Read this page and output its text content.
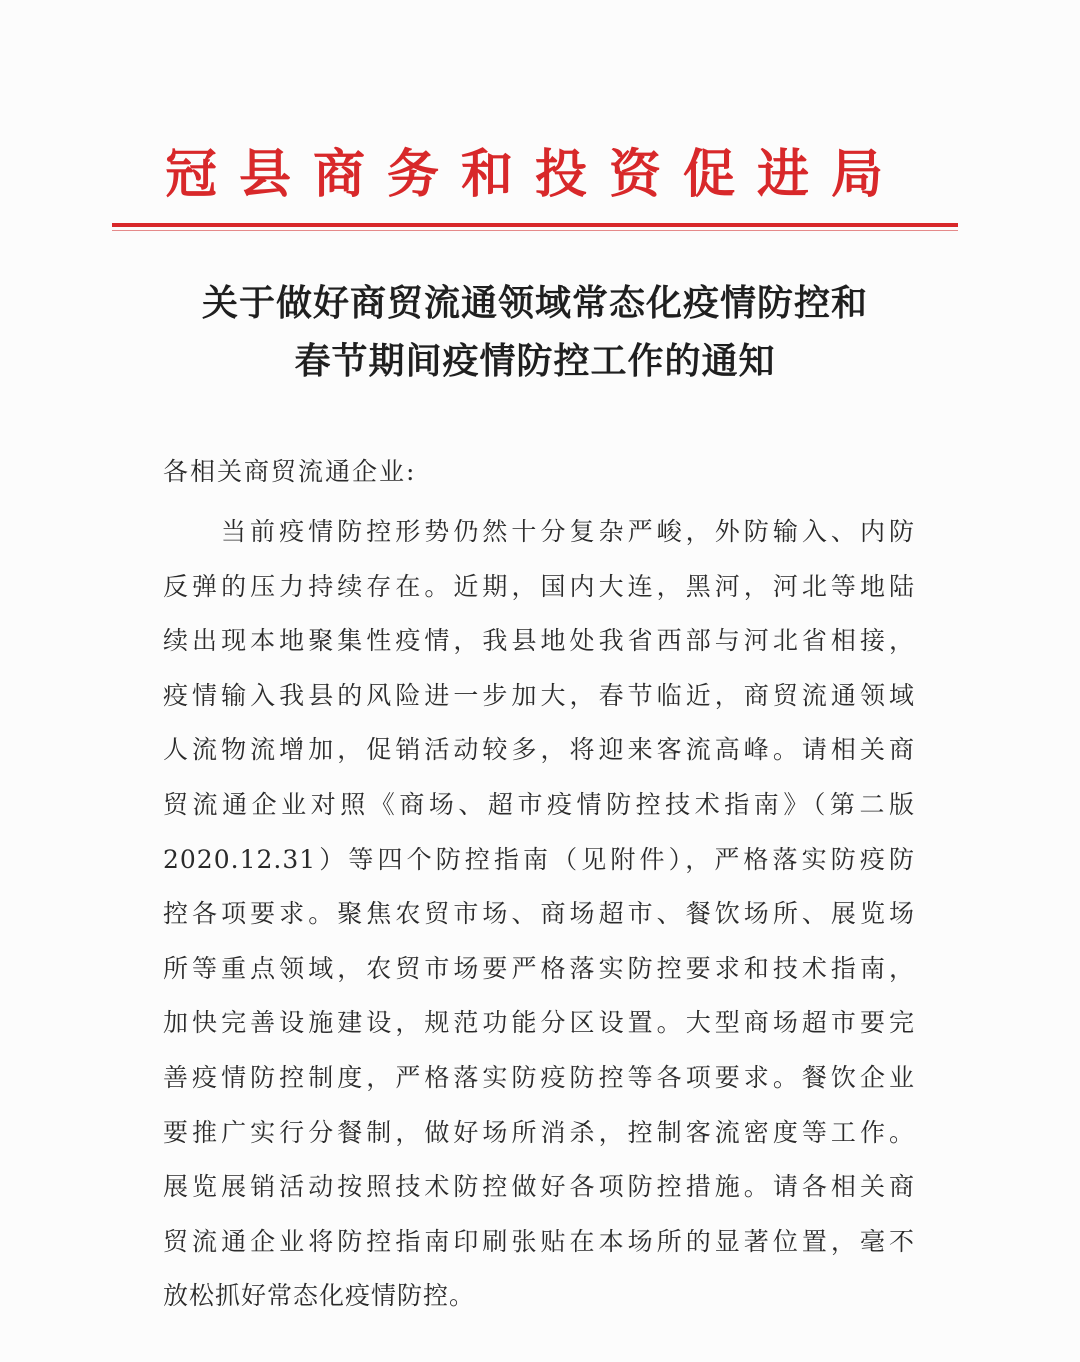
冠县商务和投资促进局
关于做好商贸流通领域常态化疫情防控和
春节期间疫情防控工作的通知
各相关商贸流通企业:
当前疫情防控形势仍然十分复杂严峻，外防输入、内防
反弹的压力持续存在。近期，国内大连，黑河，河北等地陆
续出现本地聚集性疫情，我县地处我省西部与河北省相接，
疫情输入我县的风险进一步加大，春节临近，商贸流通领域
人流物流增加，促销活动较多，将迎来客流高峰。请相关商
贸流通企业对照《商场、超市疫情防控技术指南》（第二版
2020.12.31）等四个防控指南（见附件），严格落实防疫防
控各项要求。聚焦农贸市场、商场超市、餐饮场所、展览场
所等重点领域，农贸市场要严格落实防控要求和技术指南，
加快完善设施建设，规范功能分区设置。大型商场超市要完
善疫情防控制度，严格落实防疫防控等各项要求。餐饮企业
要推广实行分餐制，做好场所消杀，控制客流密度等工作。
展览展销活动按照技术防控做好各项防控措施。请各相关商
贸流通企业将防控指南印刷张贴在本场所的显著位置，毫不
放松抓好常态化疫情防控。
